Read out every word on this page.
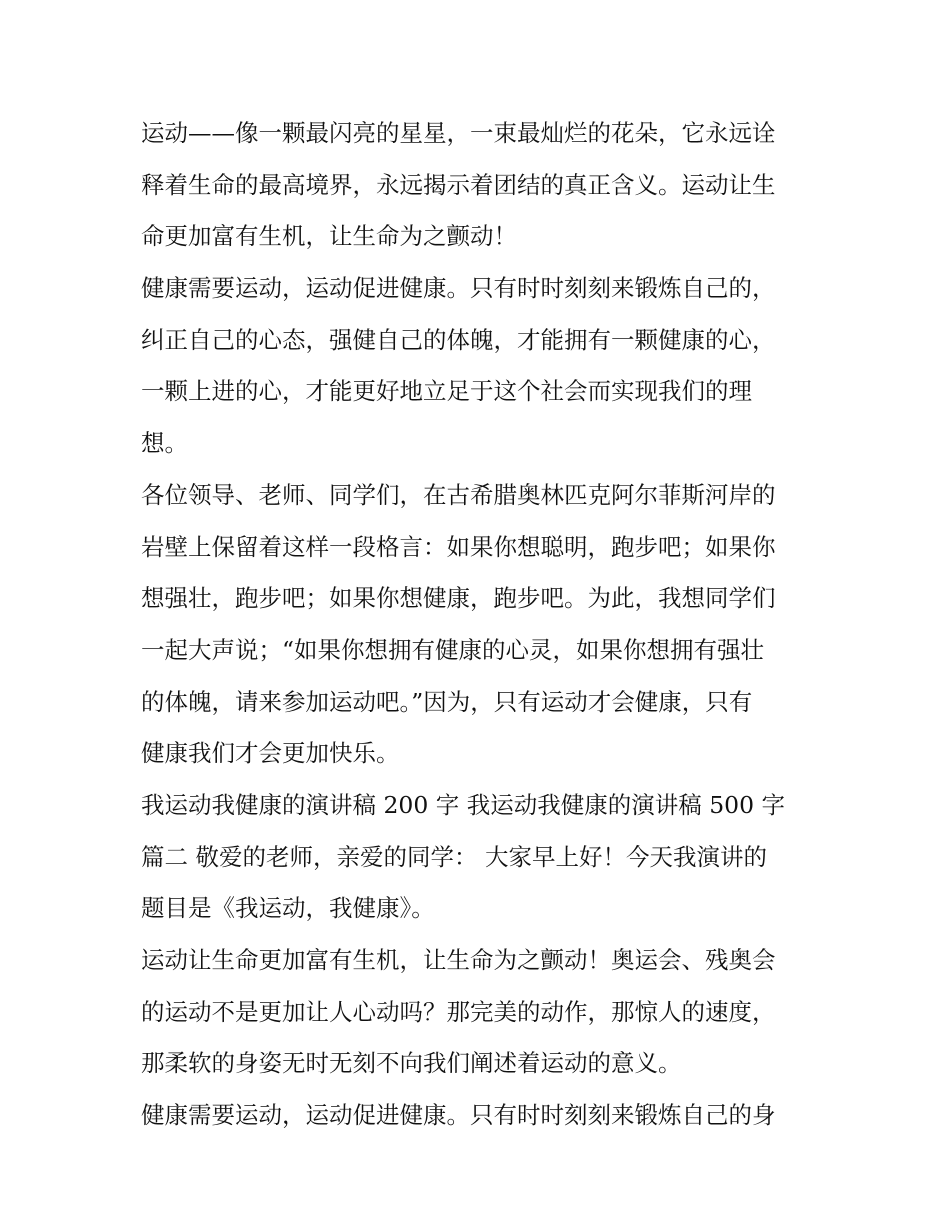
运动——像一颗最闪亮的星星，一束最灿烂的花朵，它永远诠
释着生命的最高境界，永远揭示着团结的真正含义。运动让生
命更加富有生机，让生命为之颤动！
健康需要运动，运动促进健康。只有时时刻刻来锻炼自己的，
纠正自己的心态，强健自己的体魄，才能拥有一颗健康的心，
一颗上进的心，才能更好地立足于这个社会而实现我们的理
想。
各位领导、老师、同学们，在古希腊奥林匹克阿尔菲斯河岸的
岩壁上保留着这样一段格言：如果你想聪明，跑步吧；如果你
想强壮，跑步吧；如果你想健康，跑步吧。为此，我想同学们
一起大声说；“如果你想拥有健康的心灵，如果你想拥有强壮
的体魄，请来参加运动吧。”因为，只有运动才会健康，只有
健康我们才会更加快乐。
我运动我健康的演讲稿 200 字 我运动我健康的演讲稿 500 字
篇二 敬爱的老师，亲爱的同学： 大家早上好！今天我演讲的
题目是《我运动，我健康》。
运动让生命更加富有生机，让生命为之颤动！奥运会、残奥会
的运动不是更加让人心动吗？那完美的动作，那惊人的速度，
那柔软的身姿无时无刻不向我们阐述着运动的意义。
健康需要运动，运动促进健康。只有时时刻刻来锻炼自己的身
